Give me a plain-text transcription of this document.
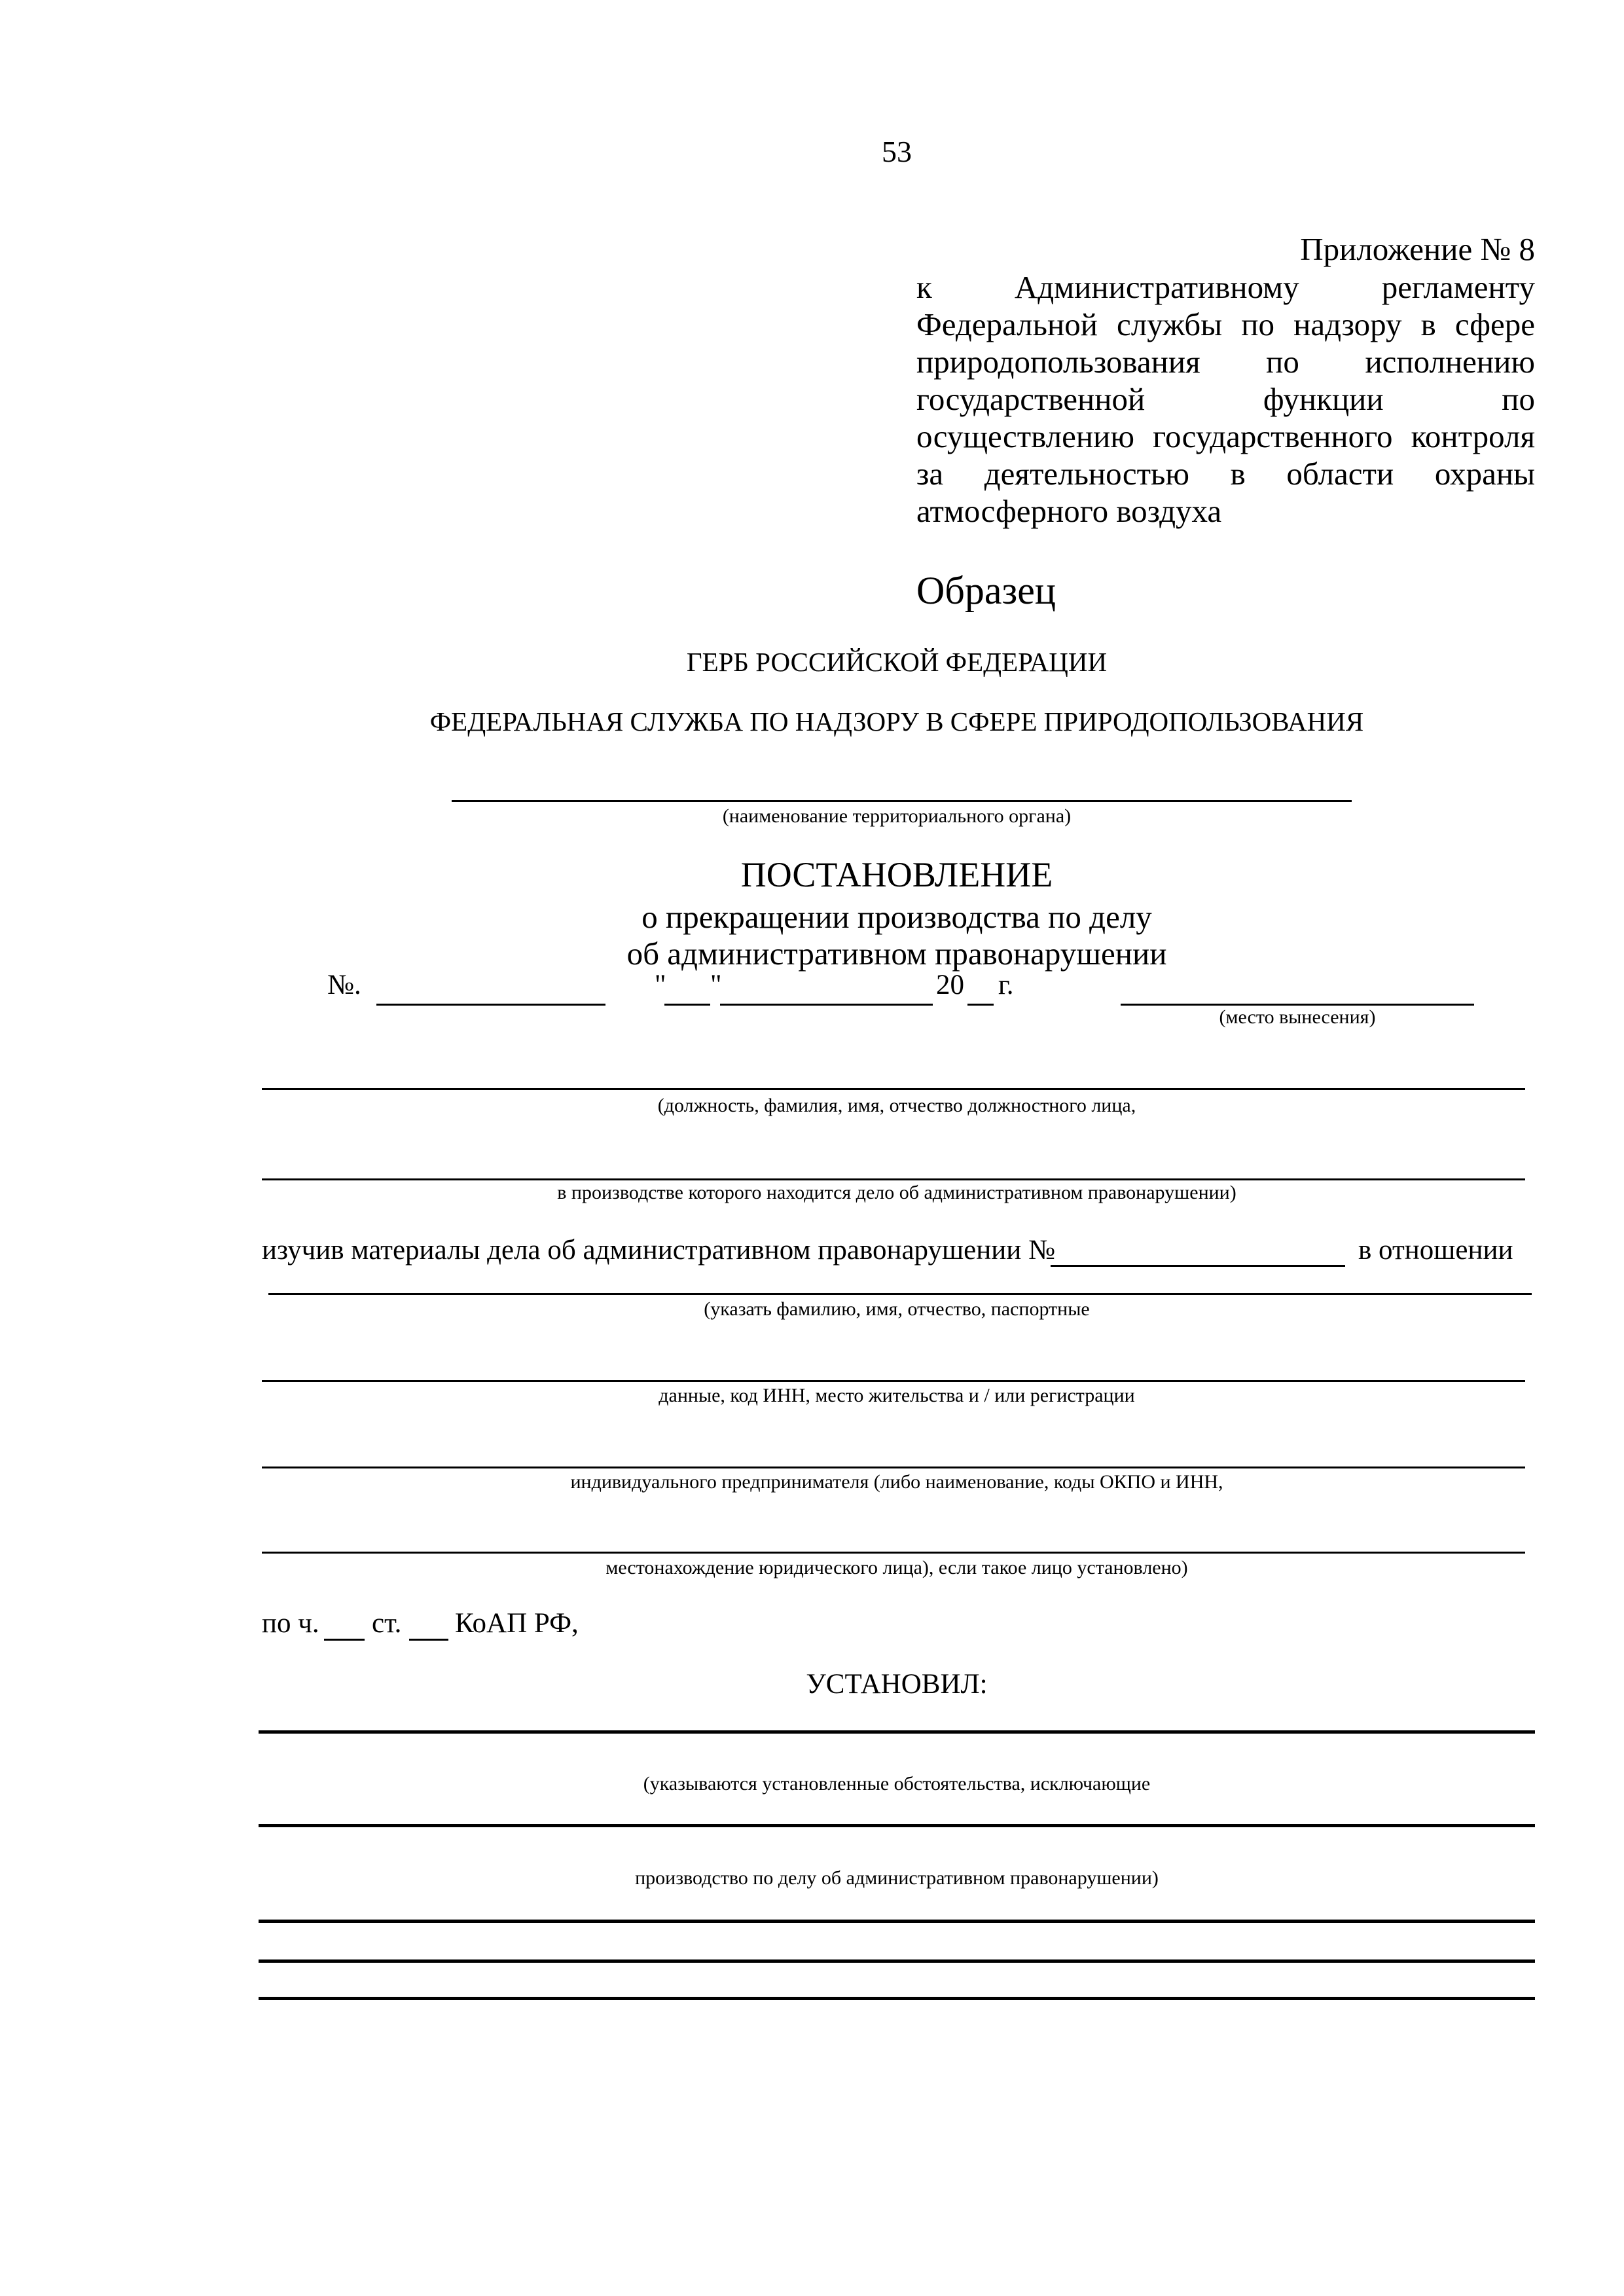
53
Приложение № 8
к Административному регламенту Федеральной службы по надзору в сфере природопользования по исполнению государственной функции по осуществлению государственного контроля за деятельностью в области охраны атмосферного воздуха
Образец
ГЕРБ РОССИЙСКОЙ ФЕДЕРАЦИИ
ФЕДЕРАЛЬНАЯ СЛУЖБА ПО НАДЗОРУ В СФЕРЕ ПРИРОДОПОЛЬЗОВАНИЯ
(наименование территориального органа)
ПОСТАНОВЛЕНИЕ
о прекращении производства по делу
об административном правонарушении
№.	" "	20 г.
(место вынесения)
(должность, фамилия, имя, отчество должностного лица,
в производстве которого находится дело об административном правонарушении)
изучив материалы дела об административном правонарушении №	в отношении
(указать фамилию, имя, отчество, паспортные
данные, код ИНН, место жительства и / или регистрации
индивидуального предпринимателя (либо наименование, коды ОКПО и ИНН,
местонахождение юридического лица), если такое лицо установлено)
по ч. ст. КоАП РФ,
УСТАНОВИЛ:
(указываются установленные обстоятельства, исключающие
производство по делу об административном правонарушении)
